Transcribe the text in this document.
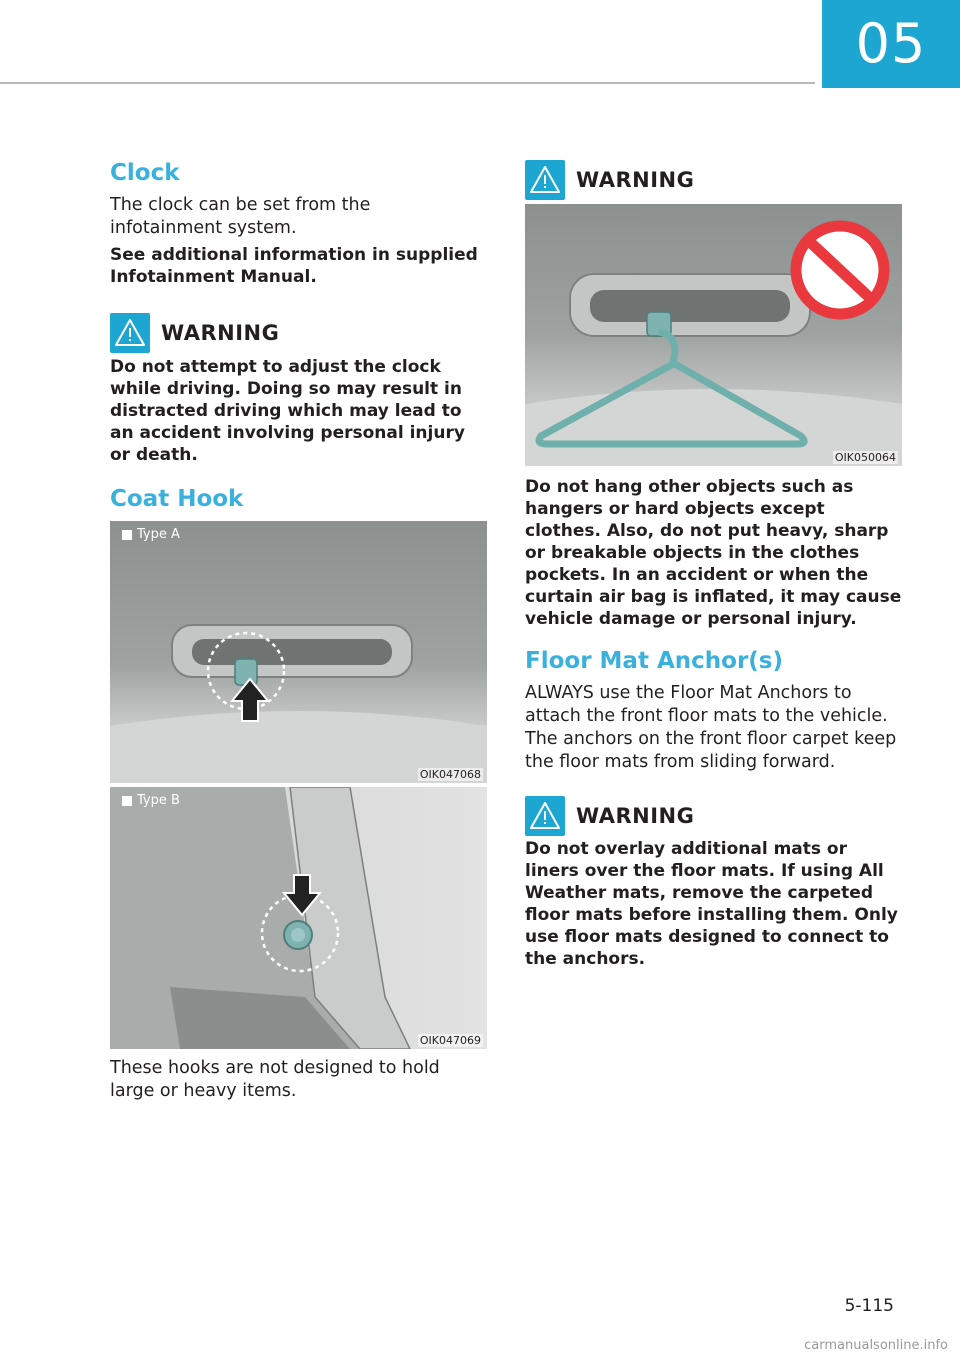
05
Clock

The clock can be set from the infotainment system.

See additional information in supplied Infotainment Manual.

WARNING

Do not attempt to adjust the clock while driving. Doing so may result in distracted driving which may lead to an accident involving personal injury or death.

Coat Hook
Type A
OIK047068
Type B
OIK047069

These hooks are not designed to hold large or heavy items.

WARNING
OIK050064

Do not hang other objects such as hangers or hard objects except clothes. Also, do not put heavy, sharp or breakable objects in the clothes pockets. In an accident or when the curtain air bag is inflated, it may cause vehicle damage or personal injury.

Floor Mat Anchor(s)

ALWAYS use the Floor Mat Anchors to attach the front floor mats to the vehicle. The anchors on the front floor carpet keep the floor mats from sliding forward.

WARNING

Do not overlay additional mats or liners over the floor mats. If using All Weather mats, remove the carpeted floor mats before installing them. Only use floor mats designed to connect to the anchors.

5-115
carmanualsonline.info
